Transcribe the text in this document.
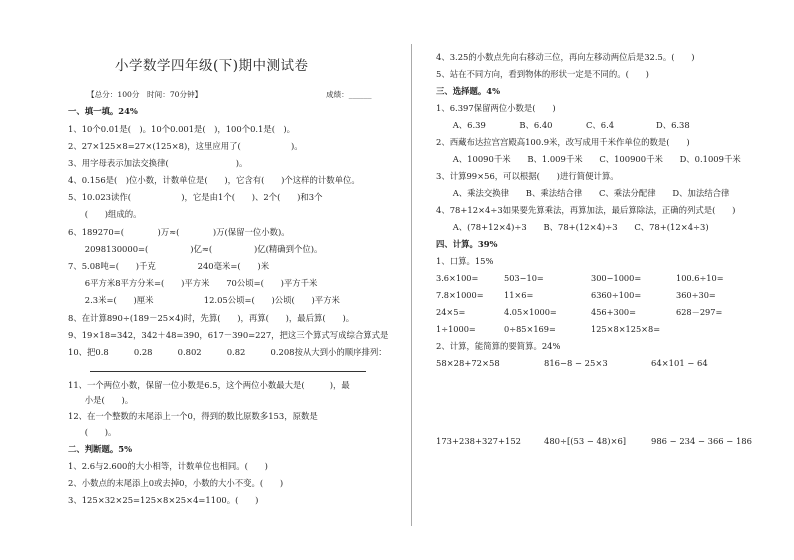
小学数学四年级(下)期中测试卷
【总分：100分　时间：70分钟】	成绩：______
一、填一填。24%
1、10个0.01是(　)。10个0.001是(　)，100个0.1是(　)。
2、27×125×8=27×(125×8)，这里应用了(　　　　　　)。
3、用字母表示加法交换律(　　　　　　　　)。
4、0.156是(　)位小数，计数单位是(　　)，它含有(　　)个这样的计数单位。
5、10.023读作(　　　　　　)，它是由1个(　　)、2个(　　)和3个
　　(　　)组成的。
6、189270=(　　　　)万≈(　　　　)万(保留一位小数)。
　　2098130000=(　　　　　)亿≈(　　　　　)亿(精确到个位)。
7、5.08吨=(　　)千克　　　　　240毫米=(　　)米
　　6平方米8平方分米=(　　)平方米　　70公顷=(　　)平方千米
　　2.3米=(　　)厘米　　　　　　12.05公顷=(　　)公顷(　　)平方米
8、在计算890÷(189－25×4)时，先算(　　)，再算(　　)，最后算(　　)。
9、19×18=342，342＋48=390，617－390=227，把这三个算式写成综合算式是
10、把0.8　　　0.28　　　0.802　　　0.82　　　0.208按从大到小的顺序排列：
11、一个两位小数，保留一位小数是6.5，这个两位小数最大是(　　　)，最
　　小是(　　)。
12、在一个整数的末尾添上一个0，得到的数比原数多153，原数是
　　(　　)。
二、判断题。5%
1、2.6与2.600的大小相等，计数单位也相同。(　　)
2、小数点的末尾添上0或去掉0，小数的大小不变。(　　)
3、125×32×25=125×8×25×4=1100。(　　)
4、3.25的小数点先向右移动三位，再向左移动两位后是32.5。(　　)
5、站在不同方向，看到物体的形状一定是不同的。(　　)
三、选择题。4%
1、6.397保留两位小数是(　　)
　　A、6.39　　　　B、6.40　　　　C、6.4　　　　　D、6.38
2、西藏布达拉宫宫殿高100.9米，改写成用千米作单位的数是(　　)
　　A、10090千米　　B、1.009千米　　C、100900千米　　D、0.1009千米
3、计算99×56，可以根据(　　)进行简便计算。
　　A、乘法交换律　　B、乘法结合律　　C、乘法分配律　　D、加法结合律
4、78+12×4÷3如果要先算乘法，再算加法，最后算除法，正确的列式是(　　)
　　A、(78+12×4)÷3　　B、78+(12×4)÷3　　C、78+(12×4÷3)
四、计算。39%
1、口算。15%
3.6×100=	503−10=	300−1000=	100.6÷10=
7.8×1000= 11×6=	6360÷100=	360÷30=
24×5=	4.05×1000=	456+300=	628－297=
1÷1000=	0÷85×169=	125×8×125×8=
2、计算，能简算的要简算。24%
58×28+72×58	816−8 − 25×3	64×101 − 64
173+238+327+152	480÷[(53 − 48)×6]	986 − 234 − 366 − 186
